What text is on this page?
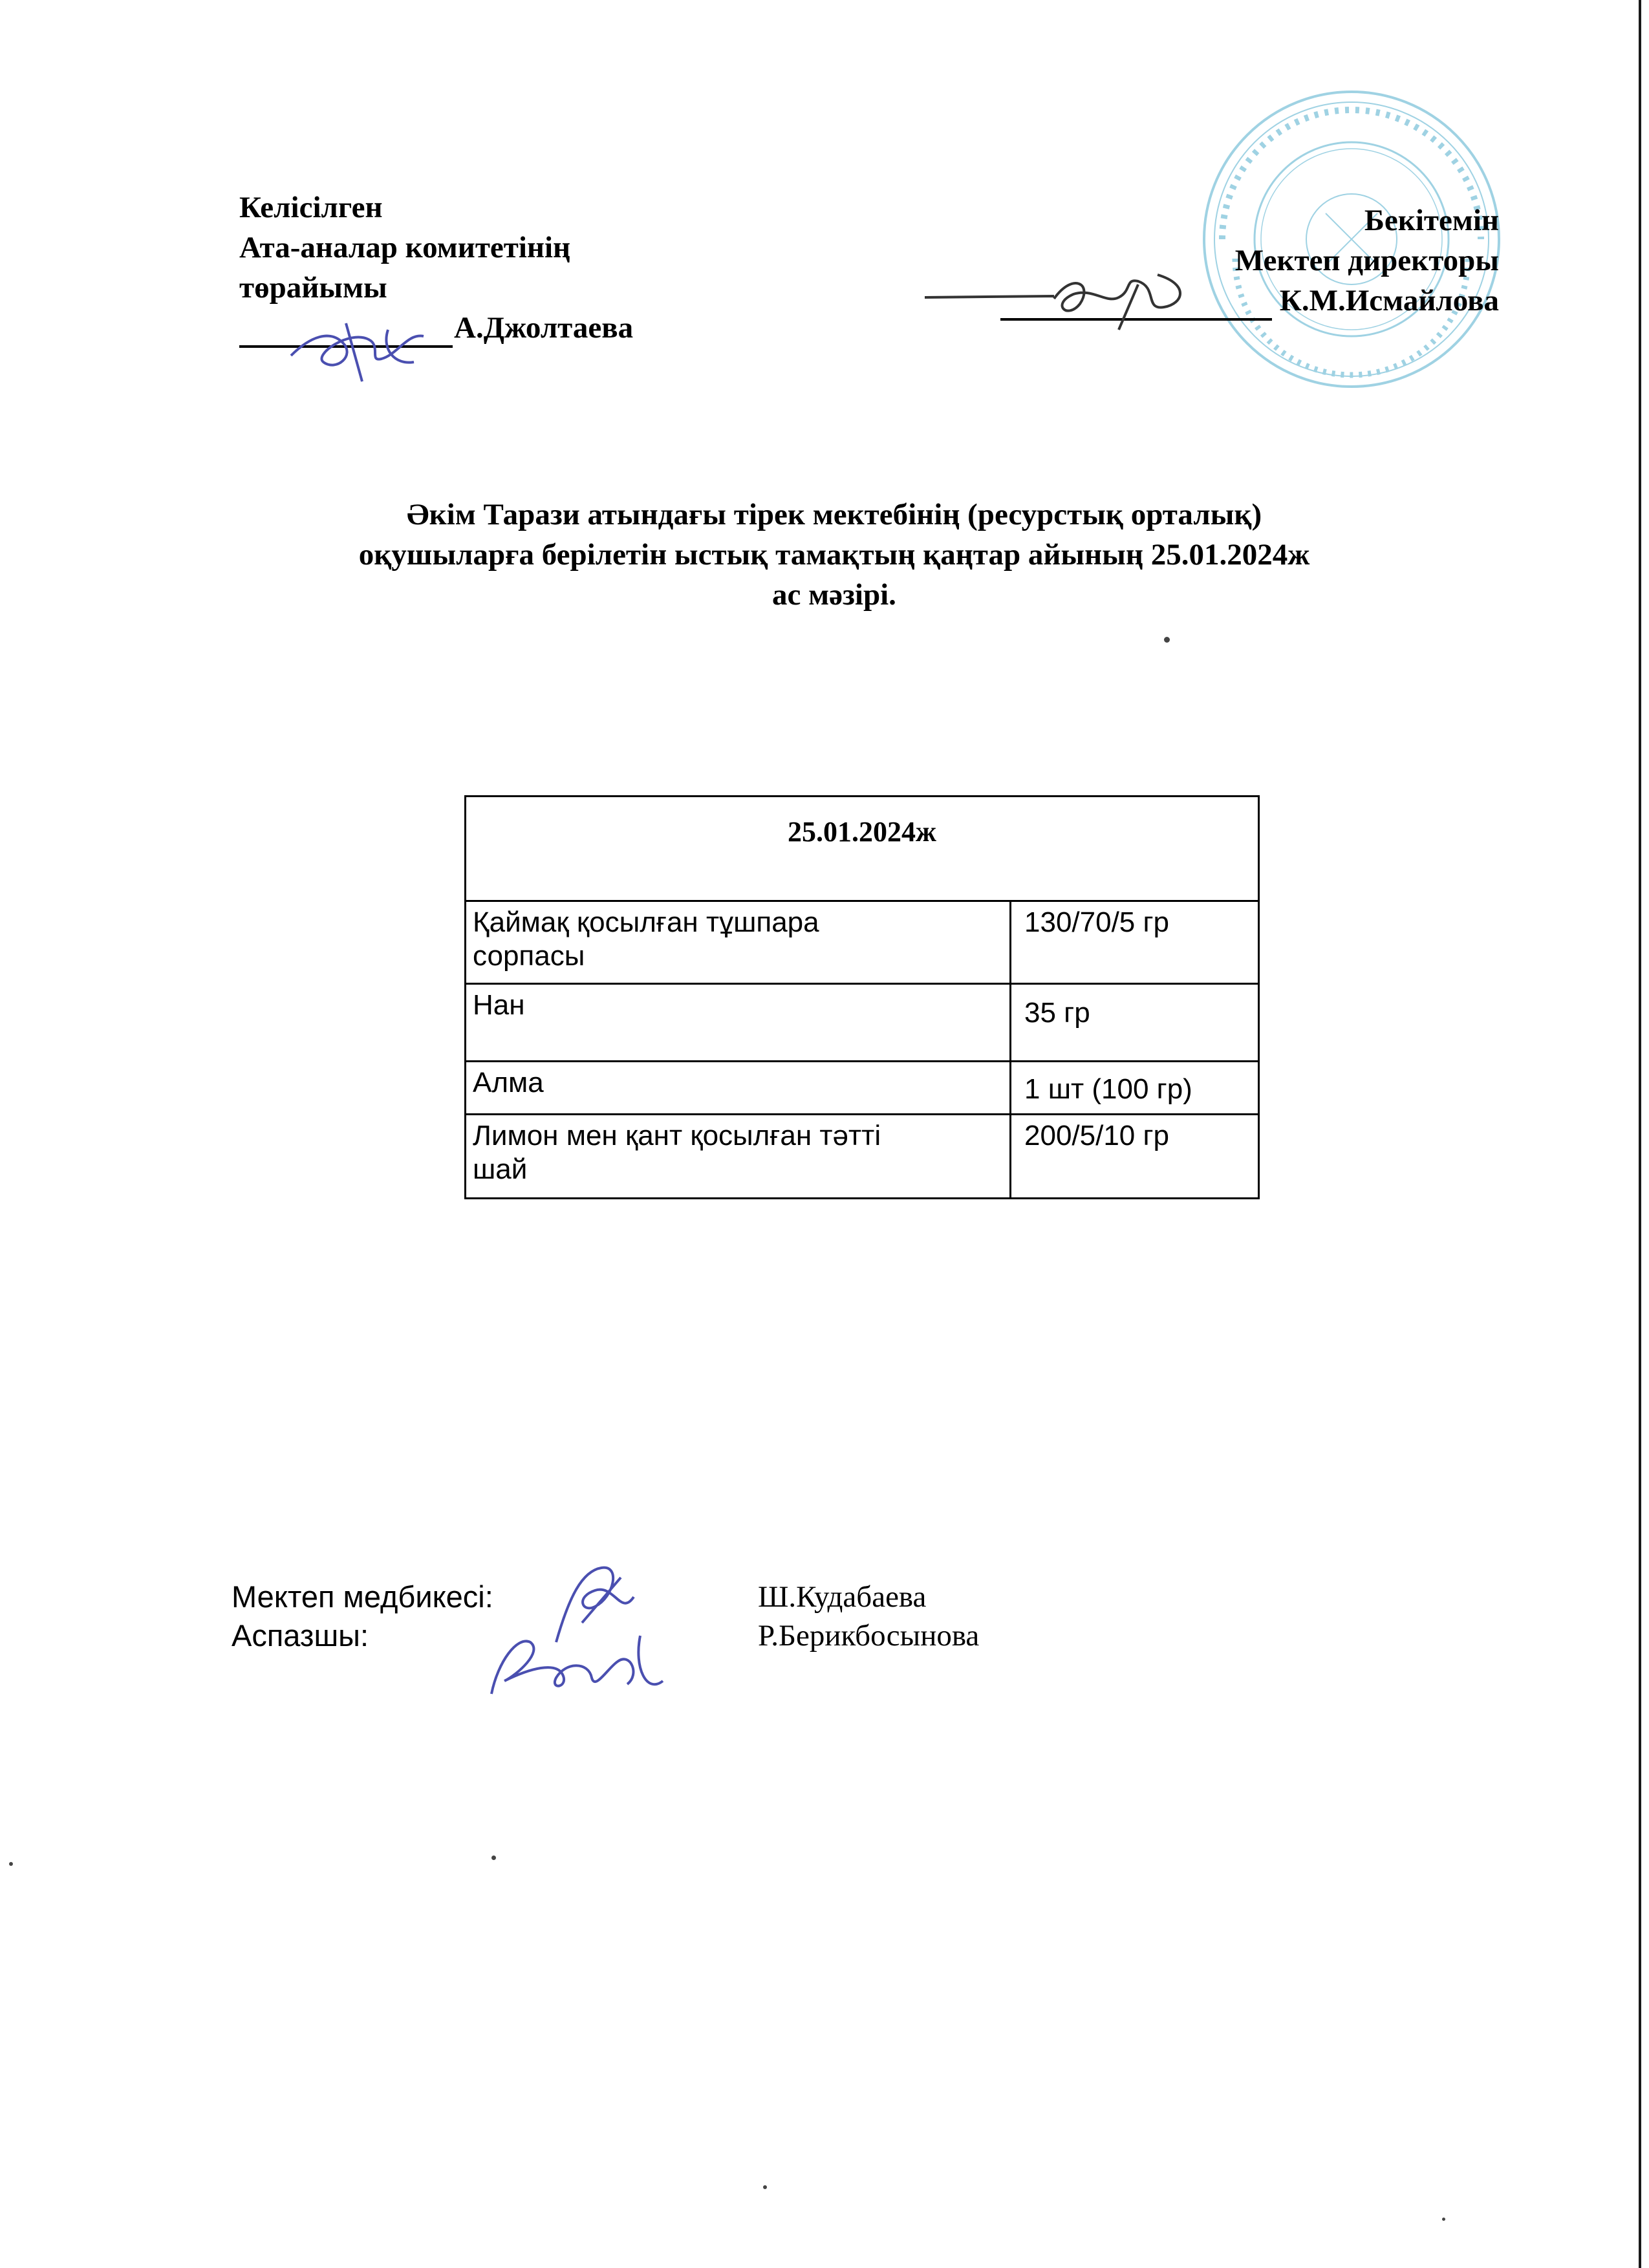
Келісілген
Ата-аналар комитетінің
төрайымы
А.Джолтаева
Бекітемін
Мектеп директоры
К.М.Исмайлова
Әкім Тарази атындағы тірек мектебінің (ресурстық орталық)
оқушыларға берілетін ыстық тамақтың қаңтар айының 25.01.2024ж
ас мәзірі.
25.01.2024ж	

Қаймақ қосылған тұшпара
сорпасы	130/70/5 гр

Нан	35 гр

Алма	1 шт (100 гр)

Лимон мен қант қосылған тәтті
шай	200/5/10 гр
Мектеп медбикесі:
Аспазшы:
Ш.Кудабаева
Р.Берикбосынова
